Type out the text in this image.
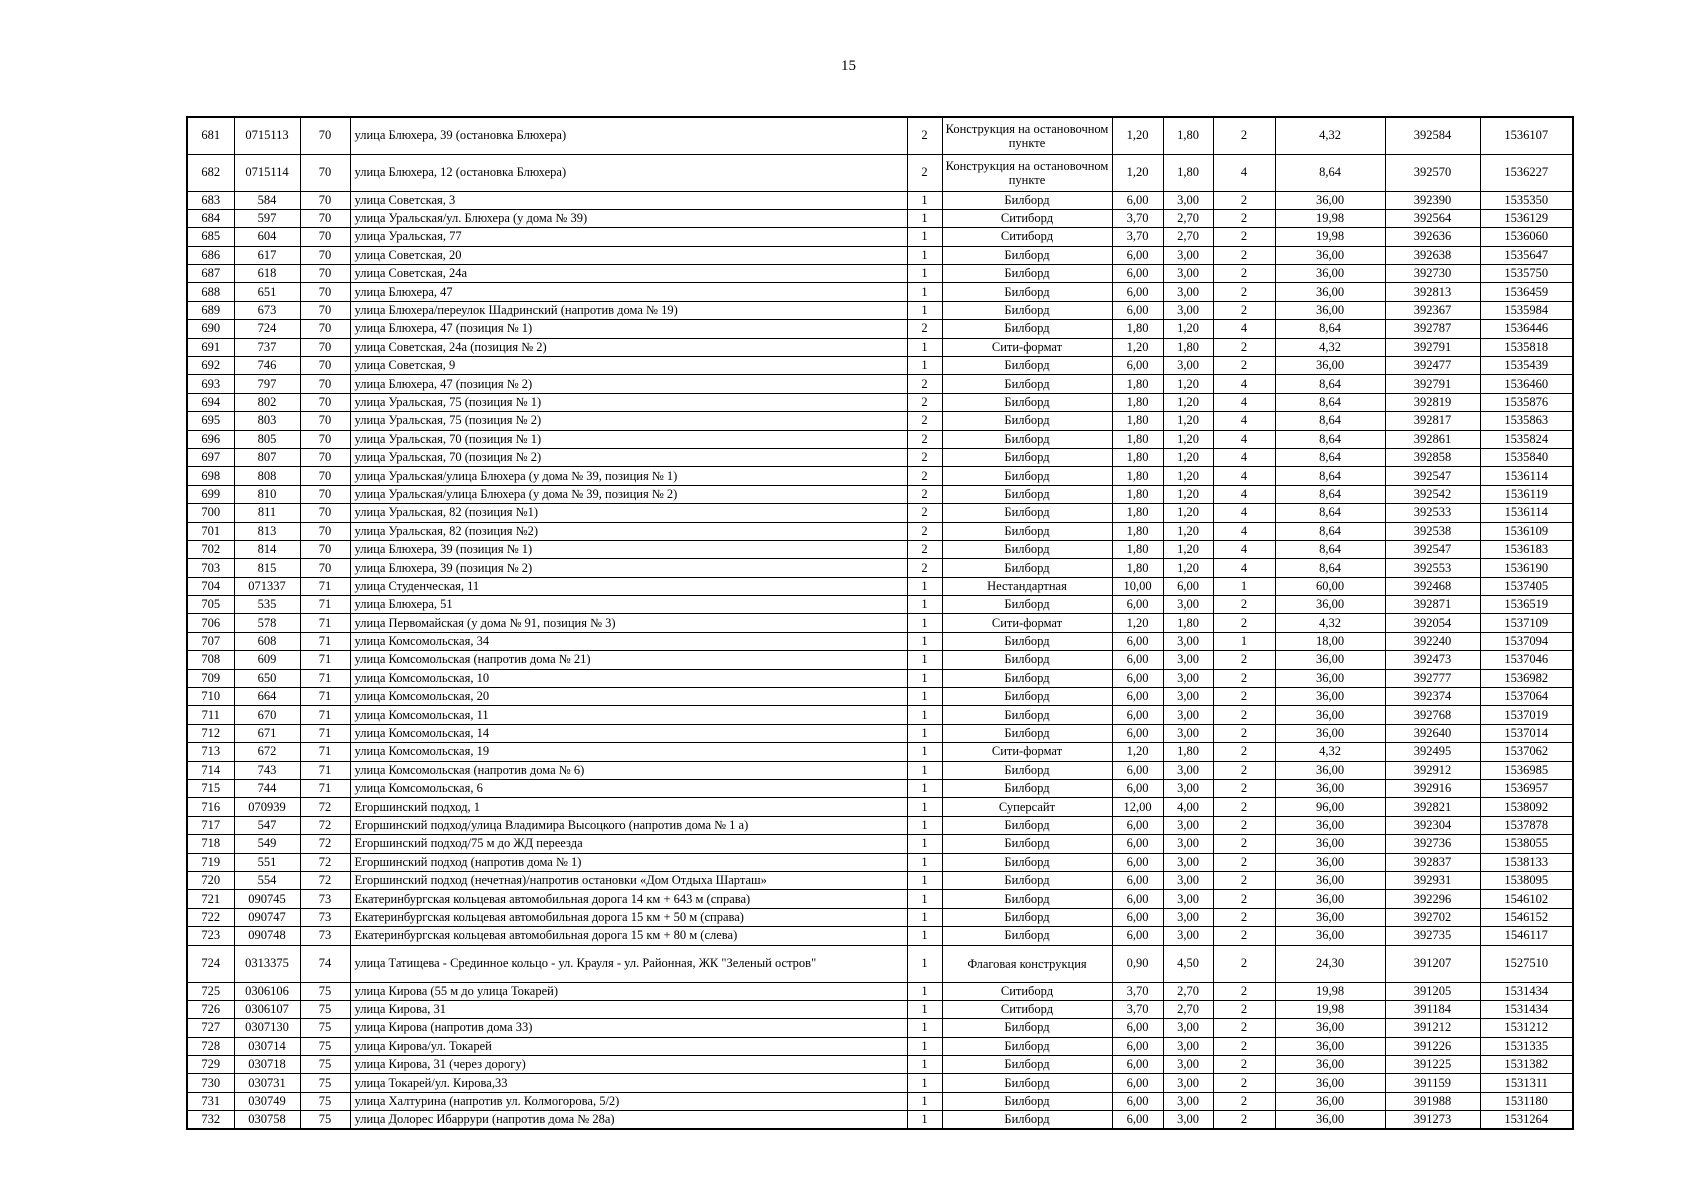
15
681	0715113	70	улица Блюхера, 39 (остановка Блюхера)	2	Конструкция на остановочном пункте	1,20	1,80	2	4,32	392584	1536107
682	0715114	70	улица Блюхера, 12 (остановка Блюхера)	2	Конструкция на остановочном пункте	1,20	1,80	4	8,64	392570	1536227
683	584	70	улица Советская, 3	1	Билборд	6,00	3,00	2	36,00	392390	1535350
684	597	70	улица Уральская/ул. Блюхера (у дома № 39)	1	Ситиборд	3,70	2,70	2	19,98	392564	1536129
685	604	70	улица Уральская, 77	1	Ситиборд	3,70	2,70	2	19,98	392636	1536060
686	617	70	улица Советская, 20	1	Билборд	6,00	3,00	2	36,00	392638	1535647
687	618	70	улица Советская, 24а	1	Билборд	6,00	3,00	2	36,00	392730	1535750
688	651	70	улица Блюхера, 47	1	Билборд	6,00	3,00	2	36,00	392813	1536459
689	673	70	улица Блюхера/переулок Шадринский (напротив дома № 19)	1	Билборд	6,00	3,00	2	36,00	392367	1535984
690	724	70	улица Блюхера, 47 (позиция № 1)	2	Билборд	1,80	1,20	4	8,64	392787	1536446
691	737	70	улица Советская, 24а (позиция № 2)	1	Сити-формат	1,20	1,80	2	4,32	392791	1535818
692	746	70	улица Советская, 9	1	Билборд	6,00	3,00	2	36,00	392477	1535439
693	797	70	улица Блюхера, 47 (позиция № 2)	2	Билборд	1,80	1,20	4	8,64	392791	1536460
694	802	70	улица Уральская, 75 (позиция № 1)	2	Билборд	1,80	1,20	4	8,64	392819	1535876
695	803	70	улица Уральская, 75 (позиция № 2)	2	Билборд	1,80	1,20	4	8,64	392817	1535863
696	805	70	улица Уральская, 70 (позиция № 1)	2	Билборд	1,80	1,20	4	8,64	392861	1535824
697	807	70	улица Уральская, 70 (позиция № 2)	2	Билборд	1,80	1,20	4	8,64	392858	1535840
698	808	70	улица Уральская/улица Блюхера (у дома № 39, позиция № 1)	2	Билборд	1,80	1,20	4	8,64	392547	1536114
699	810	70	улица Уральская/улица Блюхера (у дома № 39, позиция № 2)	2	Билборд	1,80	1,20	4	8,64	392542	1536119
700	811	70	улица Уральская, 82 (позиция №1)	2	Билборд	1,80	1,20	4	8,64	392533	1536114
701	813	70	улица Уральская, 82 (позиция №2)	2	Билборд	1,80	1,20	4	8,64	392538	1536109
702	814	70	улица Блюхера, 39 (позиция № 1)	2	Билборд	1,80	1,20	4	8,64	392547	1536183
703	815	70	улица Блюхера, 39 (позиция № 2)	2	Билборд	1,80	1,20	4	8,64	392553	1536190
704	071337	71	улица Студенческая, 11	1	Нестандартная	10,00	6,00	1	60,00	392468	1537405
705	535	71	улица Блюхера, 51	1	Билборд	6,00	3,00	2	36,00	392871	1536519
706	578	71	улица Первомайская (у дома № 91, позиция № 3)	1	Сити-формат	1,20	1,80	2	4,32	392054	1537109
707	608	71	улица Комсомольская, 34	1	Билборд	6,00	3,00	1	18,00	392240	1537094
708	609	71	улица Комсомольская (напротив дома № 21)	1	Билборд	6,00	3,00	2	36,00	392473	1537046
709	650	71	улица Комсомольская, 10	1	Билборд	6,00	3,00	2	36,00	392777	1536982
710	664	71	улица Комсомольская, 20	1	Билборд	6,00	3,00	2	36,00	392374	1537064
711	670	71	улица Комсомольская, 11	1	Билборд	6,00	3,00	2	36,00	392768	1537019
712	671	71	улица Комсомольская, 14	1	Билборд	6,00	3,00	2	36,00	392640	1537014
713	672	71	улица Комсомольская, 19	1	Сити-формат	1,20	1,80	2	4,32	392495	1537062
714	743	71	улица Комсомольская (напротив дома № 6)	1	Билборд	6,00	3,00	2	36,00	392912	1536985
715	744	71	улица Комсомольская, 6	1	Билборд	6,00	3,00	2	36,00	392916	1536957
716	070939	72	Егоршинский подход, 1	1	Суперсайт	12,00	4,00	2	96,00	392821	1538092
717	547	72	Егоршинский подход/улица Владимира Высоцкого (напротив дома № 1 а)	1	Билборд	6,00	3,00	2	36,00	392304	1537878
718	549	72	Егоршинский подход/75 м до ЖД переезда	1	Билборд	6,00	3,00	2	36,00	392736	1538055
719	551	72	Егоршинский подход (напротив дома № 1)	1	Билборд	6,00	3,00	2	36,00	392837	1538133
720	554	72	Егоршинский подход (нечетная)/напротив остановки «Дом Отдыха Шарташ»	1	Билборд	6,00	3,00	2	36,00	392931	1538095
721	090745	73	Екатеринбургская кольцевая автомобильная дорога 14 км + 643 м (справа)	1	Билборд	6,00	3,00	2	36,00	392296	1546102
722	090747	73	Екатеринбургская кольцевая автомобильная дорога 15 км + 50 м (справа)	1	Билборд	6,00	3,00	2	36,00	392702	1546152
723	090748	73	Екатеринбургская кольцевая автомобильная дорога 15 км + 80 м (слева)	1	Билборд	6,00	3,00	2	36,00	392735	1546117
724	0313375	74	улица Татищева - Срединное кольцо - ул. Крауля - ул. Районная, ЖК "Зеленый остров"	1	Флаговая конструкция	0,90	4,50	2	24,30	391207	1527510
725	0306106	75	улица Кирова (55 м до улица Токарей)	1	Ситиборд	3,70	2,70	2	19,98	391205	1531434
726	0306107	75	улица Кирова, 31	1	Ситиборд	3,70	2,70	2	19,98	391184	1531434
727	0307130	75	улица Кирова (напротив дома 33)	1	Билборд	6,00	3,00	2	36,00	391212	1531212
728	030714	75	улица Кирова/ул. Токарей	1	Билборд	6,00	3,00	2	36,00	391226	1531335
729	030718	75	улица Кирова, 31 (через дорогу)	1	Билборд	6,00	3,00	2	36,00	391225	1531382
730	030731	75	улица Токарей/ул. Кирова,33	1	Билборд	6,00	3,00	2	36,00	391159	1531311
731	030749	75	улица Халтурина (напротив ул. Колмогорова, 5/2)	1	Билборд	6,00	3,00	2	36,00	391988	1531180
732	030758	75	улица Долорес Ибаррури (напротив дома № 28а)	1	Билборд	6,00	3,00	2	36,00	391273	1531264
